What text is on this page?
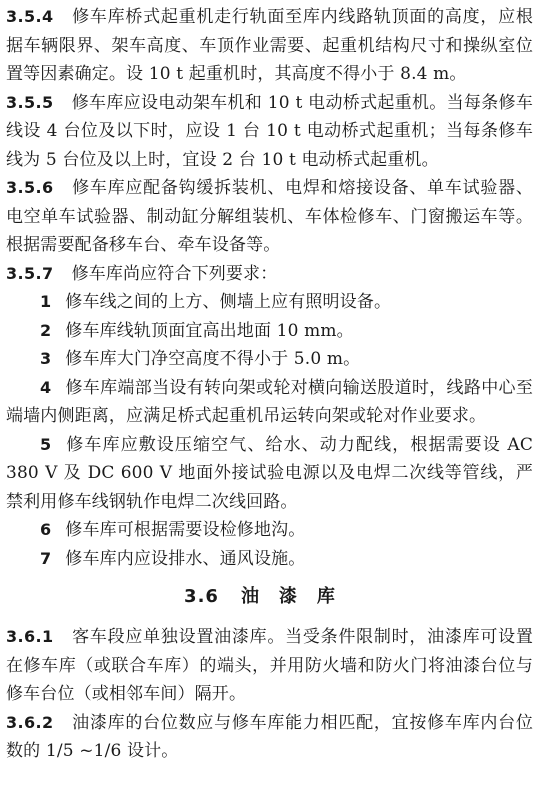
3.5.4 修车库桥式起重机走行轨面至库内线路轨顶面的高度，应根据车辆限界、架车高度、车顶作业需要、起重机结构尺寸和操纵室位置等因素确定。设 10 t 起重机时，其高度不得小于 8.4 m。

3.5.5 修车库应设电动架车机和 10 t 电动桥式起重机。当每条修车线设 4 台位及以下时，应设 1 台 10 t 电动桥式起重机；当每条修车线为 5 台位及以上时，宜设 2 台 10 t 电动桥式起重机。

3.5.6 修车库应配备钩缓拆装机、电焊和熔接设备、单车试验器、电空单车试验器、制动缸分解组装机、车体检修车、门窗搬运车等。根据需要配备移车台、牵车设备等。

3.5.7 修车库尚应符合下列要求：

1 修车线之间的上方、侧墙上应有照明设备。

2 修车库线轨顶面宜高出地面 10 mm。

3 修车库大门净空高度不得小于 5.0 m。

4 修车库端部当设有转向架或轮对横向输送股道时，线路中心至端墙内侧距离，应满足桥式起重机吊运转向架或轮对作业要求。

5 修车库应敷设压缩空气、给水、动力配线，根据需要设 AC 380 V 及 DC 600 V 地面外接试验电源以及电焊二次线等管线，严禁利用修车线钢轨作电焊二次线回路。

6 修车库可根据需要设检修地沟。

7 修车库内应设排水、通风设施。

3.6 油漆库

3.6.1 客车段应单独设置油漆库。当受条件限制时，油漆库可设置在修车库（或联合车库）的端头，并用防火墙和防火门将油漆台位与修车台位（或相邻车间）隔开。

3.6.2 油漆库的台位数应与修车库能力相匹配，宜按修车库内台位数的 1/5 ~1/6 设计。
